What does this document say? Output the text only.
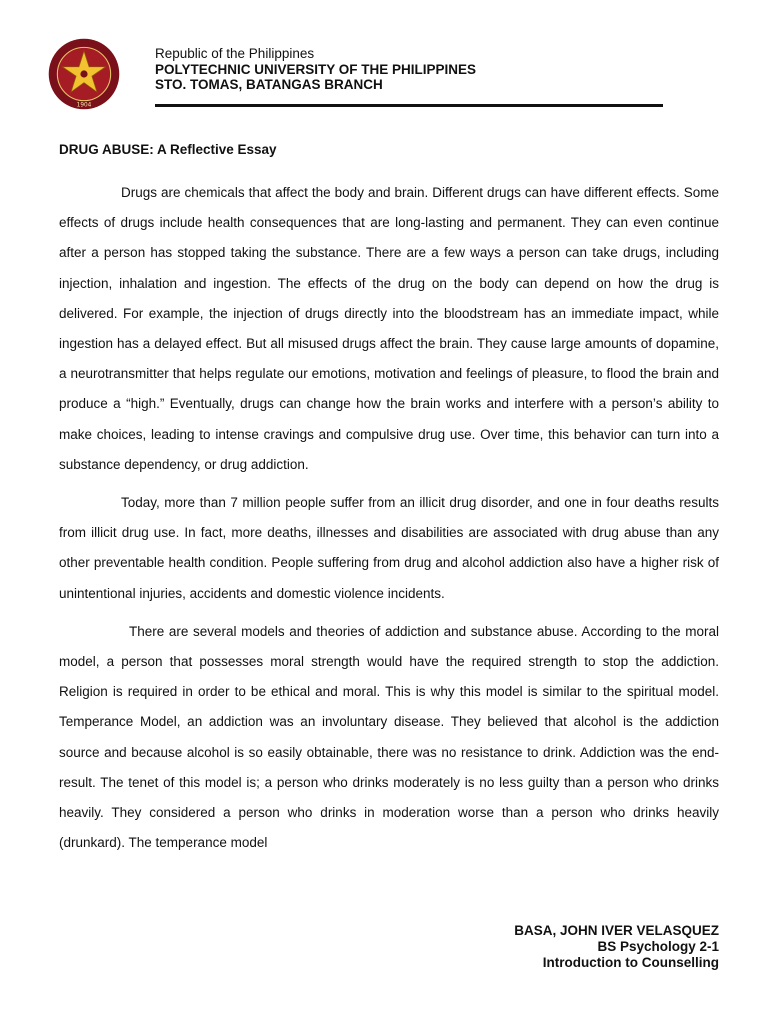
1904
Republic of the Philippines
POLYTECHNIC UNIVERSITY OF THE PHILIPPINES
STO. TOMAS, BATANGAS BRANCH
DRUG ABUSE: A Reflective Essay

Drugs are chemicals that affect the body and brain. Different drugs can have different effects. Some effects of drugs include health consequences that are long-lasting and permanent. They can even continue after a person has stopped taking the substance. There are a few ways a person can take drugs, including injection, inhalation and ingestion. The effects of the drug on the body can depend on how the drug is delivered. For example, the injection of drugs directly into the bloodstream has an immediate impact, while ingestion has a delayed effect. But all misused drugs affect the brain. They cause large amounts of dopamine, a neurotransmitter that helps regulate our emotions, motivation and feelings of pleasure, to flood the brain and produce a “high.” Eventually, drugs can change how the brain works and interfere with a person’s ability to make choices, leading to intense cravings and compulsive drug use. Over time, this behavior can turn into a substance dependency, or drug addiction.

Today, more than 7 million people suffer from an illicit drug disorder, and one in four deaths results from illicit drug use. In fact, more deaths, illnesses and disabilities are associated with drug abuse than any other preventable health condition. People suffering from drug and alcohol addiction also have a higher risk of unintentional injuries, accidents and domestic violence incidents.

There are several models and theories of addiction and substance abuse. According to the moral model, a person that possesses moral strength would have the required strength to stop the addiction. Religion is required in order to be ethical and moral. This is why this model is similar to the spiritual model. Temperance Model, an addiction was an involuntary disease. They believed that alcohol is the addiction source and because alcohol is so easily obtainable, there was no resistance to drink. Addiction was the end-result. The tenet of this model is; a person who drinks moderately is no less guilty than a person who drinks heavily. They considered a person who drinks in moderation worse than a person who drinks heavily (drunkard). The temperance model

BASA, JOHN IVER VELASQUEZ
BS Psychology 2-1
Introduction to Counselling
